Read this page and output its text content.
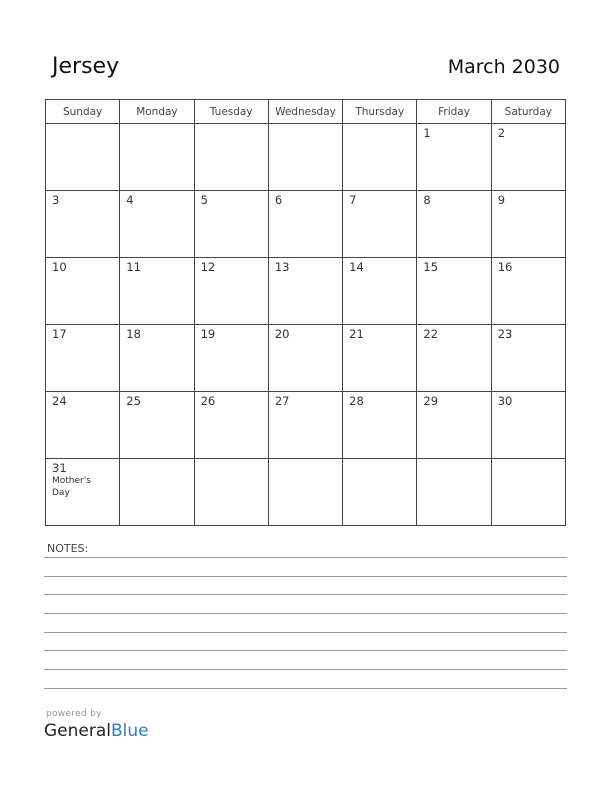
Jersey	March 2030
Sunday	Monday	Tuesday	Wednesday	Thursday	Friday	Saturday

					1	2

3	4	5	6	7	8	9

10	11	12	13	14	15	16

17	18	19	20	21	22	23

24	25	26	27	28	29	30

31
Mother's Day						

NOTES:
powered by
GeneralBlue
